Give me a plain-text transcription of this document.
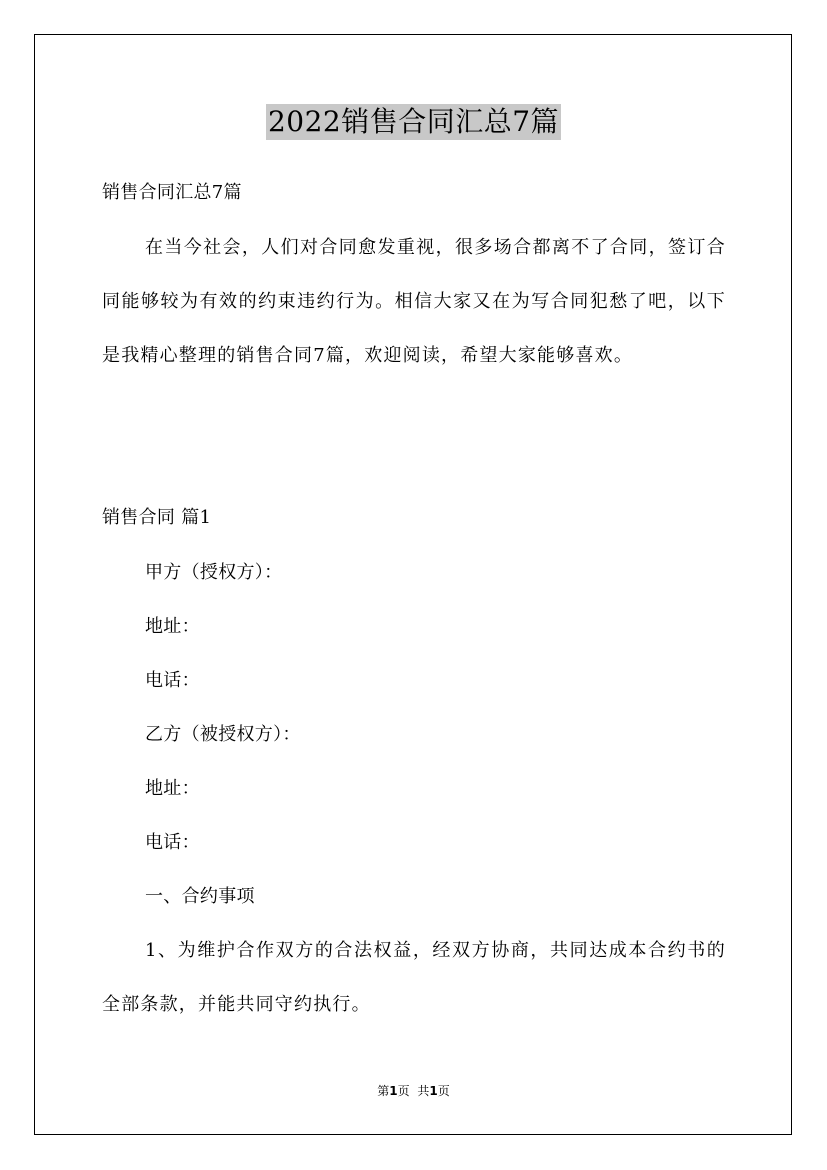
2022销售合同汇总7篇
销售合同汇总7篇
在当今社会，人们对合同愈发重视，很多场合都离不了合同，签订合同能够较为有效的约束违约行为。相信大家又在为写合同犯愁了吧，以下是我精心整理的销售合同7篇，欢迎阅读，希望大家能够喜欢。
销售合同 篇1
甲方（授权方）：
地址：
电话：
乙方（被授权方）：
地址：
电话：
一、合约事项
1、为维护合作双方的合法权益，经双方协商，共同达成本合约书的全部条款，并能共同守约执行。
第1页 共1页
